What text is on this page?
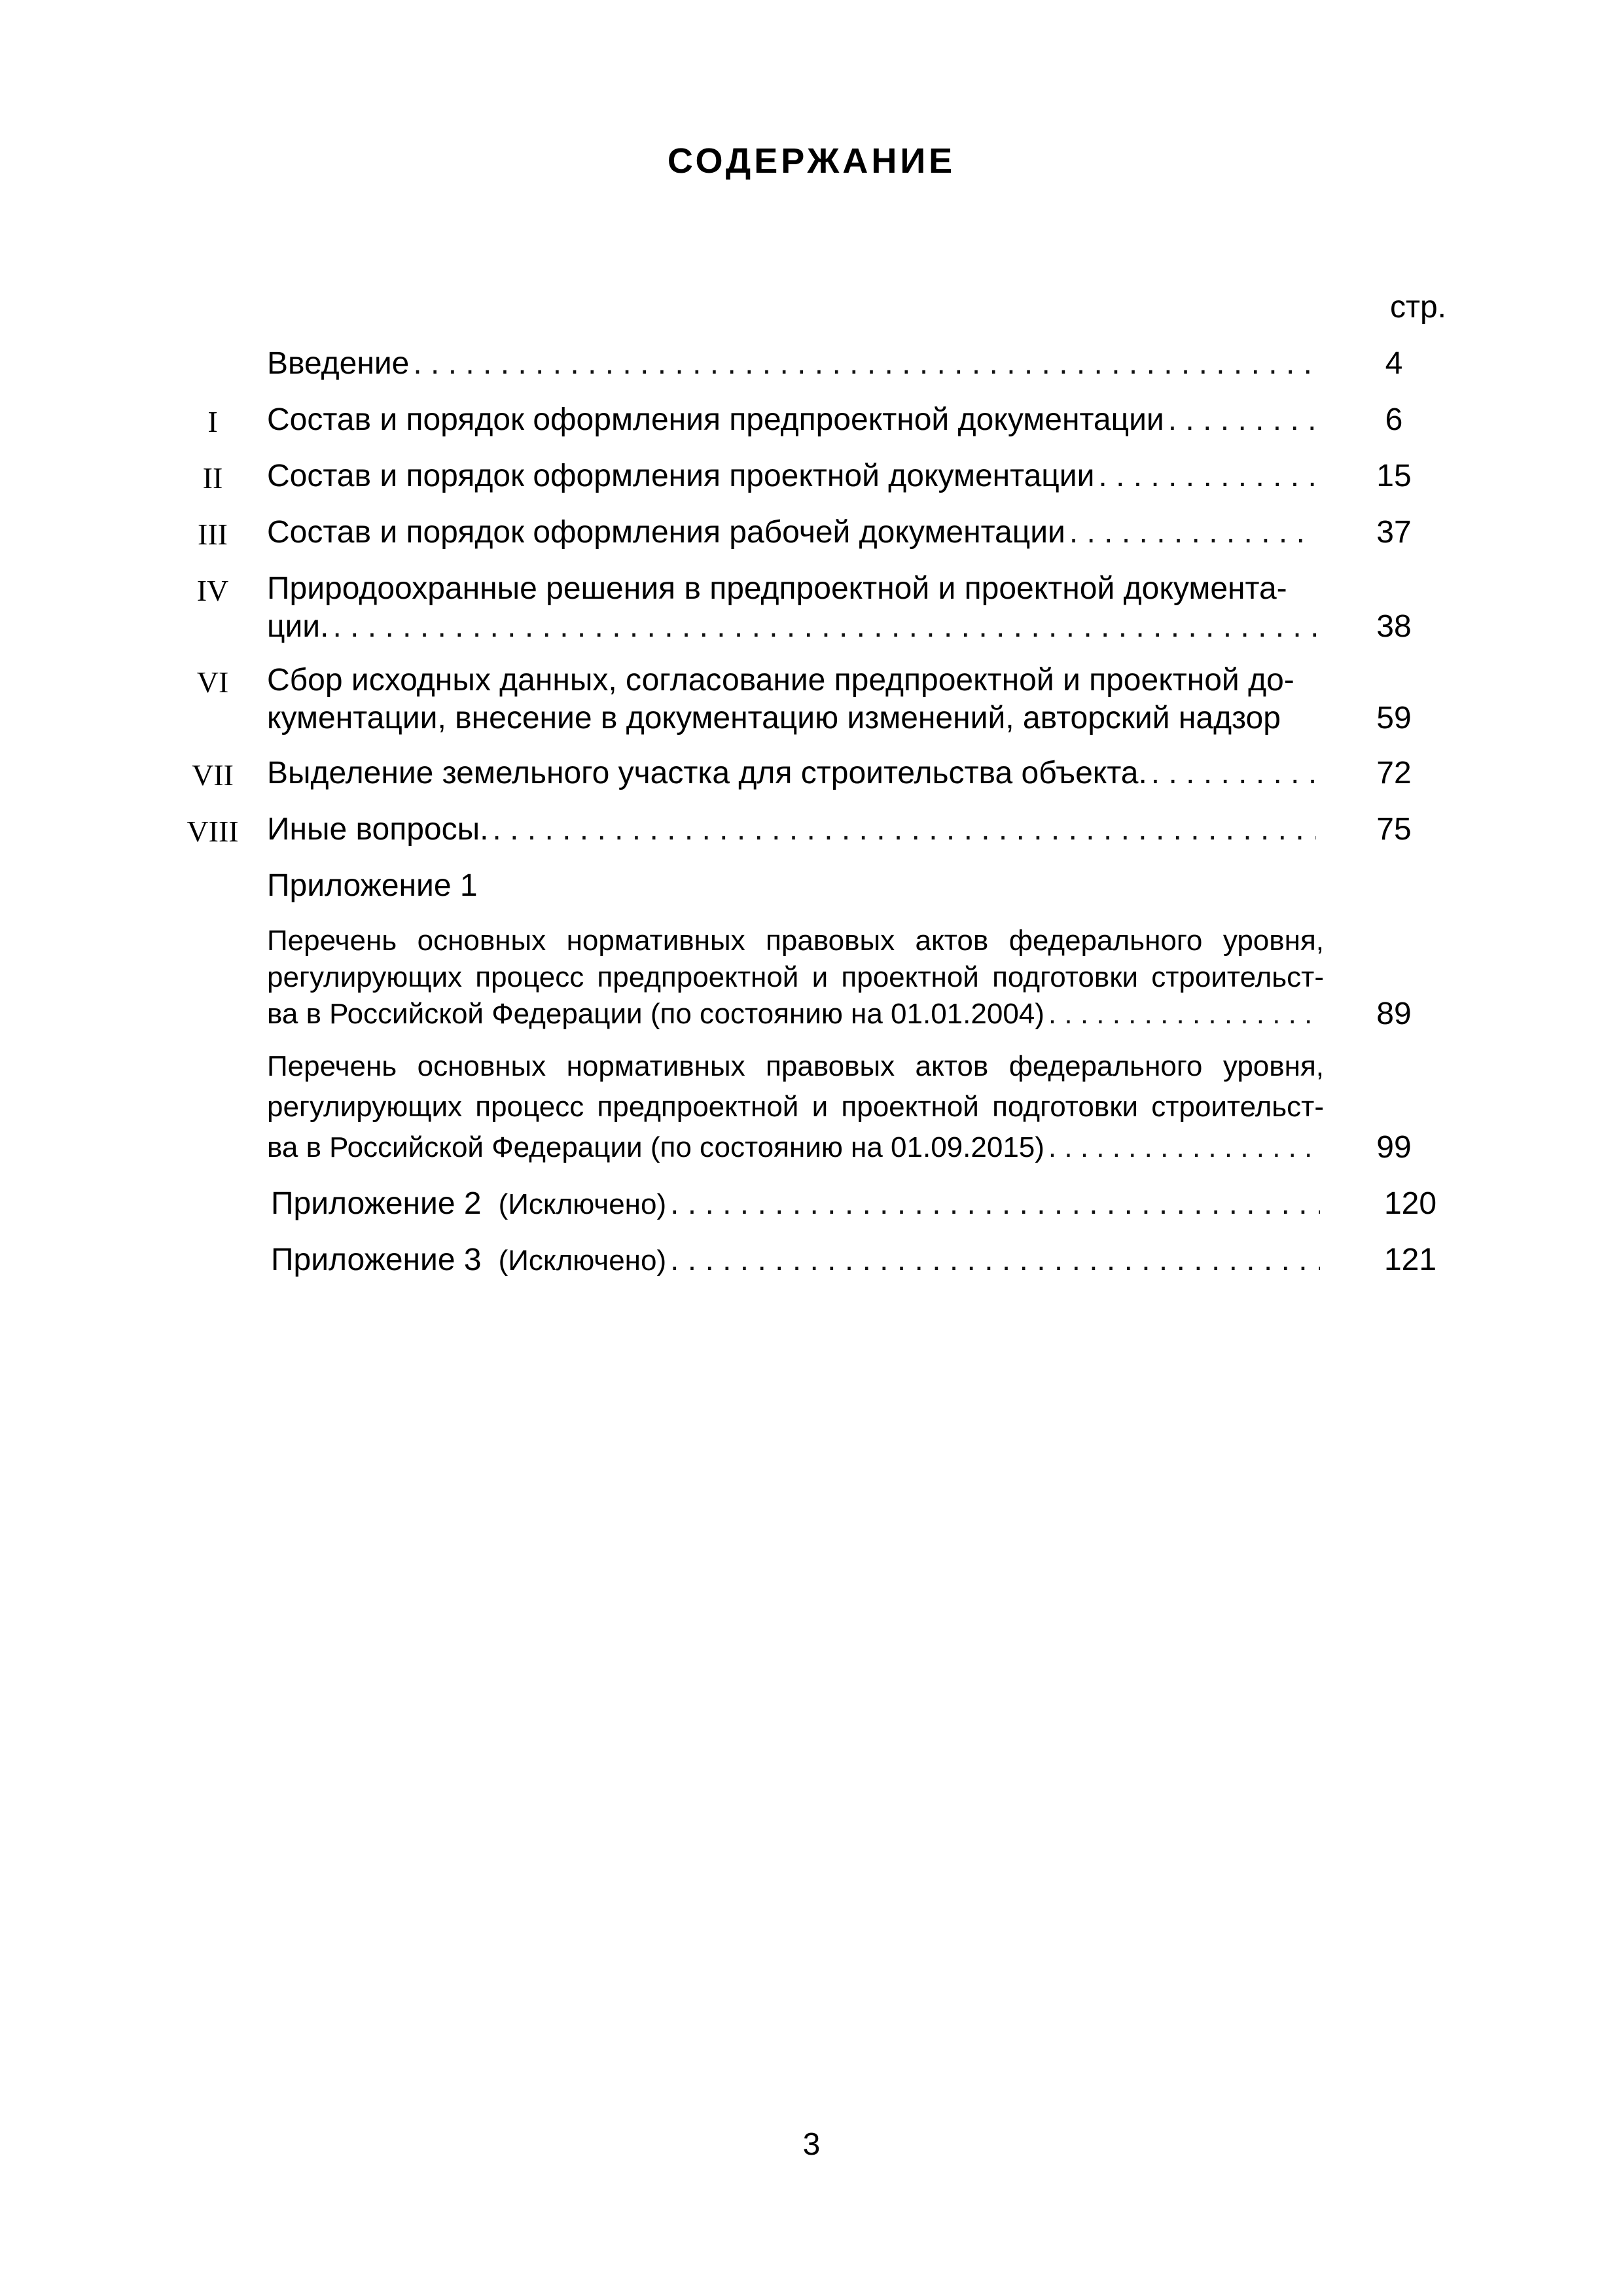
СОДЕРЖАНИЕ
стр.
Введение . . .	4
I	Состав и порядок оформления предпроектной документации . . .	6
II	Состав и порядок оформления проектной документации . . .	15
III	Состав и порядок оформления рабочей документации . . .	37
IV	Природоохранные решения в предпроектной и проектной документа-
ции. . . .	38
VI	Сбор исходных данных, согласование предпроектной и проектной до-
кументации, внесение в документацию изменений, авторский надзор	59
VII	Выделение земельного участка для строительства объекта. . . .	72
VIII Иные вопросы. . . .	75
Приложение 1
Перечень основных нормативных правовых актов федерального уровня,
регулирующих процесс предпроектной и проектной подготовки строительст-
ва в Российской Федерации (по состоянию на 01.01.2004) . . .	89
Перечень основных нормативных правовых актов федерального уровня,
регулирующих процесс предпроектной и проектной подготовки строительст-
ва в Российской Федерации (по состоянию на 01.09.2015) . . .	99
Приложение 2 (Исключено) . . .	120
Приложение 3 (Исключено) . . .	121
3
